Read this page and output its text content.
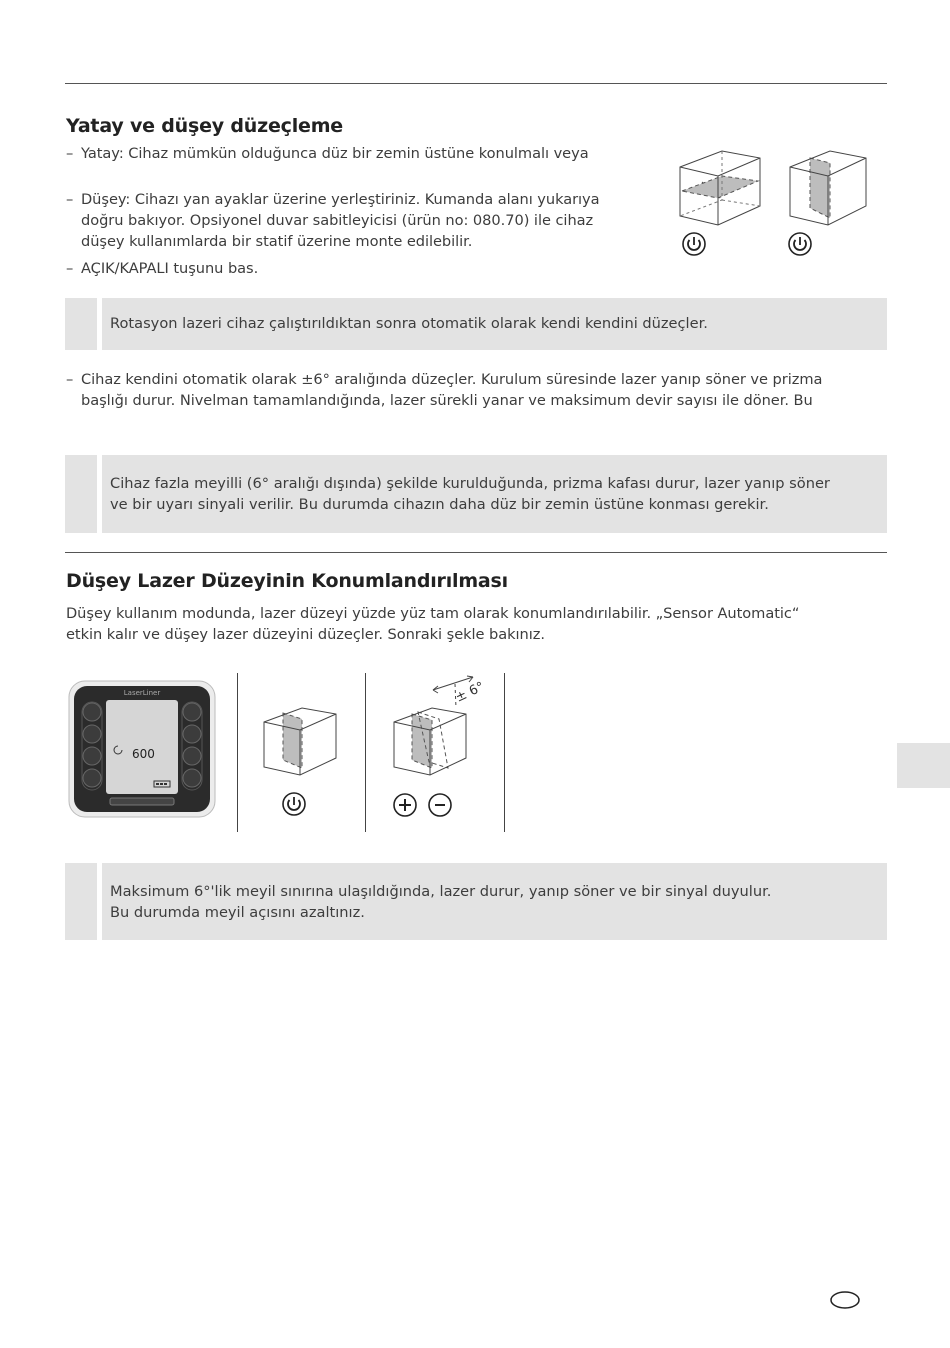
Yatay ve düşey düzeçleme
– Yatay: Cihaz mümkün olduğunca düz bir zemin üstüne konulmalı veya
– Düşey: Cihazı yan ayaklar üzerine yerleştiriniz. Kumanda alanı yukarıya
doğru bakıyor. Opsiyonel duvar sabitleyicisi (ürün no: 080.70) ile cihaz
düşey kullanımlarda bir statif üzerine monte edilebilir.
– AÇIK/KAPALI tuşunu bas.
Rotasyon lazeri cihaz çalıştırıldıktan sonra otomatik olarak kendi kendini düzeçler.
– Cihaz kendini otomatik olarak ±6° aralığında düzeçler. Kurulum süresinde lazer yanıp söner ve prizma
başlığı durur. Nivelman tamamlandığında, lazer sürekli yanar ve maksimum devir sayısı ile döner. Bu
Cihaz fazla meyilli (6° aralığı dışında) şekilde kurulduğunda, prizma kafası durur, lazer yanıp söner
ve bir uyarı sinyali verilir. Bu durumda cihazın daha düz bir zemin üstüne konması gerekir.
Düşey Lazer Düzeyinin Konumlandırılması
Düşey kullanım modunda, lazer düzeyi yüzde yüz tam olarak konumlandırılabilir. „Sensor Automatic“
etkin kalır ve düşey lazer düzeyini düzeçler. Sonraki şekle bakınız.
LaserLiner
600
± 6°
Maksimum 6°'lik meyil sınırına ulaşıldığında, lazer durur, yanıp söner ve bir sinyal duyulur.
Bu durumda meyil açısını azaltınız.
